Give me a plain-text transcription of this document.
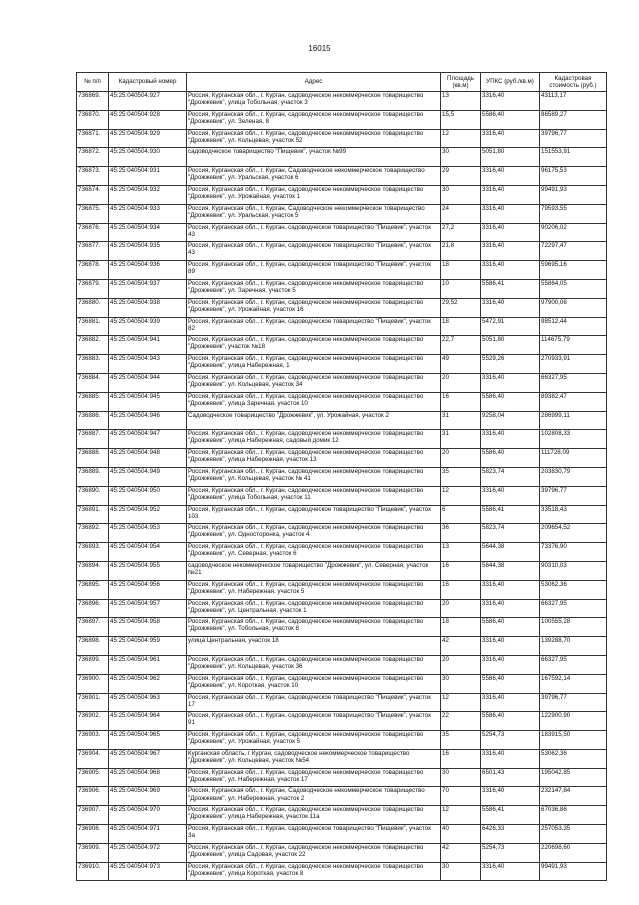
16015
№ п/п	Кадастровый номер	Адрес	Площадь (кв.м)	УПКС (руб./кв.м)	Кадастровая стоимость (руб.)
736869.	45:25:040504:927	Россия, Курганская обл., г. Курган, садоводческое некоммерческое товарищество "Дрожжевик", улица Тобольная, участок 3	13	3316,40	43113,17
736870.	45:25:040504:928	Россия, Курганская обл., г. Курган, садоводческое некоммерческое товарищество "Дрожжевик", ул. Зеленая, 8	15,5	5586,40	86589,27
736871.	45:25:040504:929	Россия, Курганская обл., г. Курган, садоводческое некоммерческое товарищество "Дрожжевик", ул. Кольцевая, участок 52	12	3316,40	39796,77
736872.	45:25:040504:930	садоводческое товарищество "Пищевик", участок №99	30	5051,80	151553,91
736873.	45:25:040504:931	Россия, Курганская обл., г. Курган, Садоводческое некоммерческое товарищество "Дрожжевик", ул. Уральская, участок 6	29	3316,40	96175,53
736874.	45:25:040504:932	Россия, Курганская обл., г. Курган, садоводческое некоммерческое товарищество "Дрожжевик", ул. Урожайная, участок 1	30	3316,40	99491,93
736875.	45:25:040504:933	Россия, Курганская обл., г. Курган, Садоводческое некоммерческое товарищество "Дрожжевик", ул. Уральская, участок 5	24	3316,40	79593,55
736876.	45:25:040504:934	Россия, Курганская обл., г. Курган, садоводческое товарищество "Пищевик", участок 43	27,2	3316,40	90206,02
736877.	45:25:040504:935	Россия, Курганская обл., г. Курган, садоводческое товарищество "Пищевик", участок 43	21,8	3316,40	72297,47
736878.	45:25:040504:936	Россия, Курганская обл., г. Курган, садоводческое товарищество "Пищевик", участок 89	18	3316,40	59695,16
736879.	45:25:040504:937	Россия, Курганская обл., г. Курган, садоводческое некоммерческое товарищество "Дрожжевик", ул. Заречная, участок 5	10	5586,41	55864,05
736880.	45:25:040504:938	Россия, Курганская обл., г. Курган, садоводческое некоммерческое товарищество "Дрожжевик", ул. Урожайная, участок 16	29,52	3316,40	97900,06
736881.	45:25:040504:939	Россия, Курганская обл., г. Курган, садоводческое товарищество "Пищевик", участок 82	18	5472,91	98512,44
736882.	45:25:040504:941	Россия, Курганская обл., г. Курган, садоводческое некоммерческое товарищество "Дрожжевик", участок №18	22,7	5051,80	114675,79
736883.	45:25:040504:943	Россия, Курганская обл., г. Курган, садоводческое некоммерческое товарищество "Дрожжевик", улица Набережная, 1	49	5529,26	270933,91
736884.	45:25:040504:944	Россия, Курганская обл., г. Курган, садоводческое некоммерческое товарищество "Дрожжевик", ул. Кольцевая, участок 34	20	3316,40	66327,95
736885.	45:25:040504:945	Россия, Курганская обл., г. Курган, садоводческое некоммерческое товарищество "Дрожжевик", улица Заречная, участок 10	16	5586,40	89382,47
736886.	45:25:040504:946	Садоводческое товарищество "Дрожжевик", ул. Урожайная, участок 2	31	9258,04	286999,11
736887.	45:25:040504:947	Россия, Курганская обл., г. Курган, садоводческое некоммерческое товарищество "Дрожжевик", улица Набережная, садовый домик 12	31	3316,40	102808,33
736888.	45:25:040504:948	Россия, Курганская обл., г. Курган, садоводческое некоммерческое товарищество "Дрожжевик", улица Набережная, участок 13	20	5586,40	111728,09
736889.	45:25:040504:949	Россия, Курганская обл., г. Курган, садоводческое некоммерческое товарищество "Дрожжевик", ул. Кольцевая, участок № 41	35	5823,74	203830,79
736890.	45:25:040504:950	Россия, Курганская обл., г. Курган, садоводческое некоммерческое товарищество "Дрожжевик", улица Тобольная, участок 11	12	3316,40	39796,77
736891.	45:25:040504:952	Россия, Курганская обл., г. Курган, садоводческое товарищество "Пищевик", участок 103	6	5586,41	33518,43
736892.	45:25:040504:953	Россия, Курганская обл., г. Курган, садоводческое некоммерческое товарищество "Дрожжевик", ул. Односторонка, участок 4	36	5823,74	209654,52
736893.	45:25:040504:954	Россия, Курганская обл., г. Курган, садоводческое некоммерческое товарищество "Дрожжевик", ул. Северная, участок 6	13	5644,38	73376,90
736894.	45:25:040504:955	садоводческое некоммерческое товарищество "Дрожжевик", ул. Северная, участок №21	16	5644,38	90310,03
736895.	45:25:040504:956	Россия, Курганская обл., г. Курган, садоводческое некоммерческое товарищество "Дрожжевик", ул. Набережная, участок 5	16	3316,40	53062,36
736896.	45:25:040504:957	Россия, Курганская обл., г. Курган, садоводческое некоммерческое товарищество "Дрожжевик", ул. Центральная, участок 1	20	3316,40	66327,95
736897.	45:25:040504:958	Россия, Курганская обл., г. Курган, садоводческое некоммерческое товарищество "Дрожжевик", ул. Тобольная, участок 8	18	5586,40	100555,28
736898.	45:25:040504:959	улица Центральная, участок 18	42	3316,40	139288,70
736899.	45:25:040504:961	Россия, Курганская обл., г. Курган, садоводческое некоммерческое товарищество "Дрожжевик", ул. Кольцевая, участок 36	20	3316,40	66327,95
736900.	45:25:040504:962	Россия, Курганская обл., г. Курган, садоводческое некоммерческое товарищество "Дрожжевик", ул. Короткая, участок 10	30	5586,40	167592,14
736901.	45:25:040504:963	Россия, Курганская обл., г. Курган, садоводческое товарищество "Пищевик", участок 17	12	3316,40	39796,77
736902.	45:25:040504:964	Россия, Курганская обл., г. Курган, садоводческое товарищество "Пищевик", участок 91	22	5586,40	122900,90
736903.	45:25:040504:965	Россия, Курганская обл., г. Курган, садоводческое некоммерческое товарищество "Дрожжевик", ул. Урожайная, участок 5	35	5254,73	183915,50
736904.	45:25:040504:967	Курганская область, г Курган, садоводческое некоммерческое товарищество "Дрожжевик", ул. Кольцевая, участок №54	16	3316,40	53062,36
736905.	45:25:040504:968	Россия, Курганская обл., г. Курган, садоводческое некоммерческое товарищество "Дрожжевик", ул. Набережная, участок 17	30	6501,43	195042,85
736906.	45:25:040504:969	Россия, Курганская обл., г. Курган, Садоводческое некоммерческое товарищество "Дрожжевик", ул. Набережная, участок 2	70	3316,40	232147,84
736907.	45:25:040504:970	Россия, Курганская обл., г. Курган, садоводческое некоммерческое товарищество "Дрожжевик", улица Набережная, участок 11а	12	5586,41	67036,86
736908.	45:25:040504:971	Россия, Курганская обл., г. Курган, садоводческое товарищество "Пищевик", участок 3а	40	6426,33	257053,35
736909.	45:25:040504:972	Россия, Курганская обл., г. Курган, садоводческое некоммерческое товарищество "Дрожжевик", улица Садовая, участок 22	42	5254,73	220698,60
736910.	45:25:040504:973	Россия, Курганская обл., г. Курган, садоводческое некоммерческое товарищество "Дрожжевик", улица Короткая, участок 8	30	3316,40	99491,93
